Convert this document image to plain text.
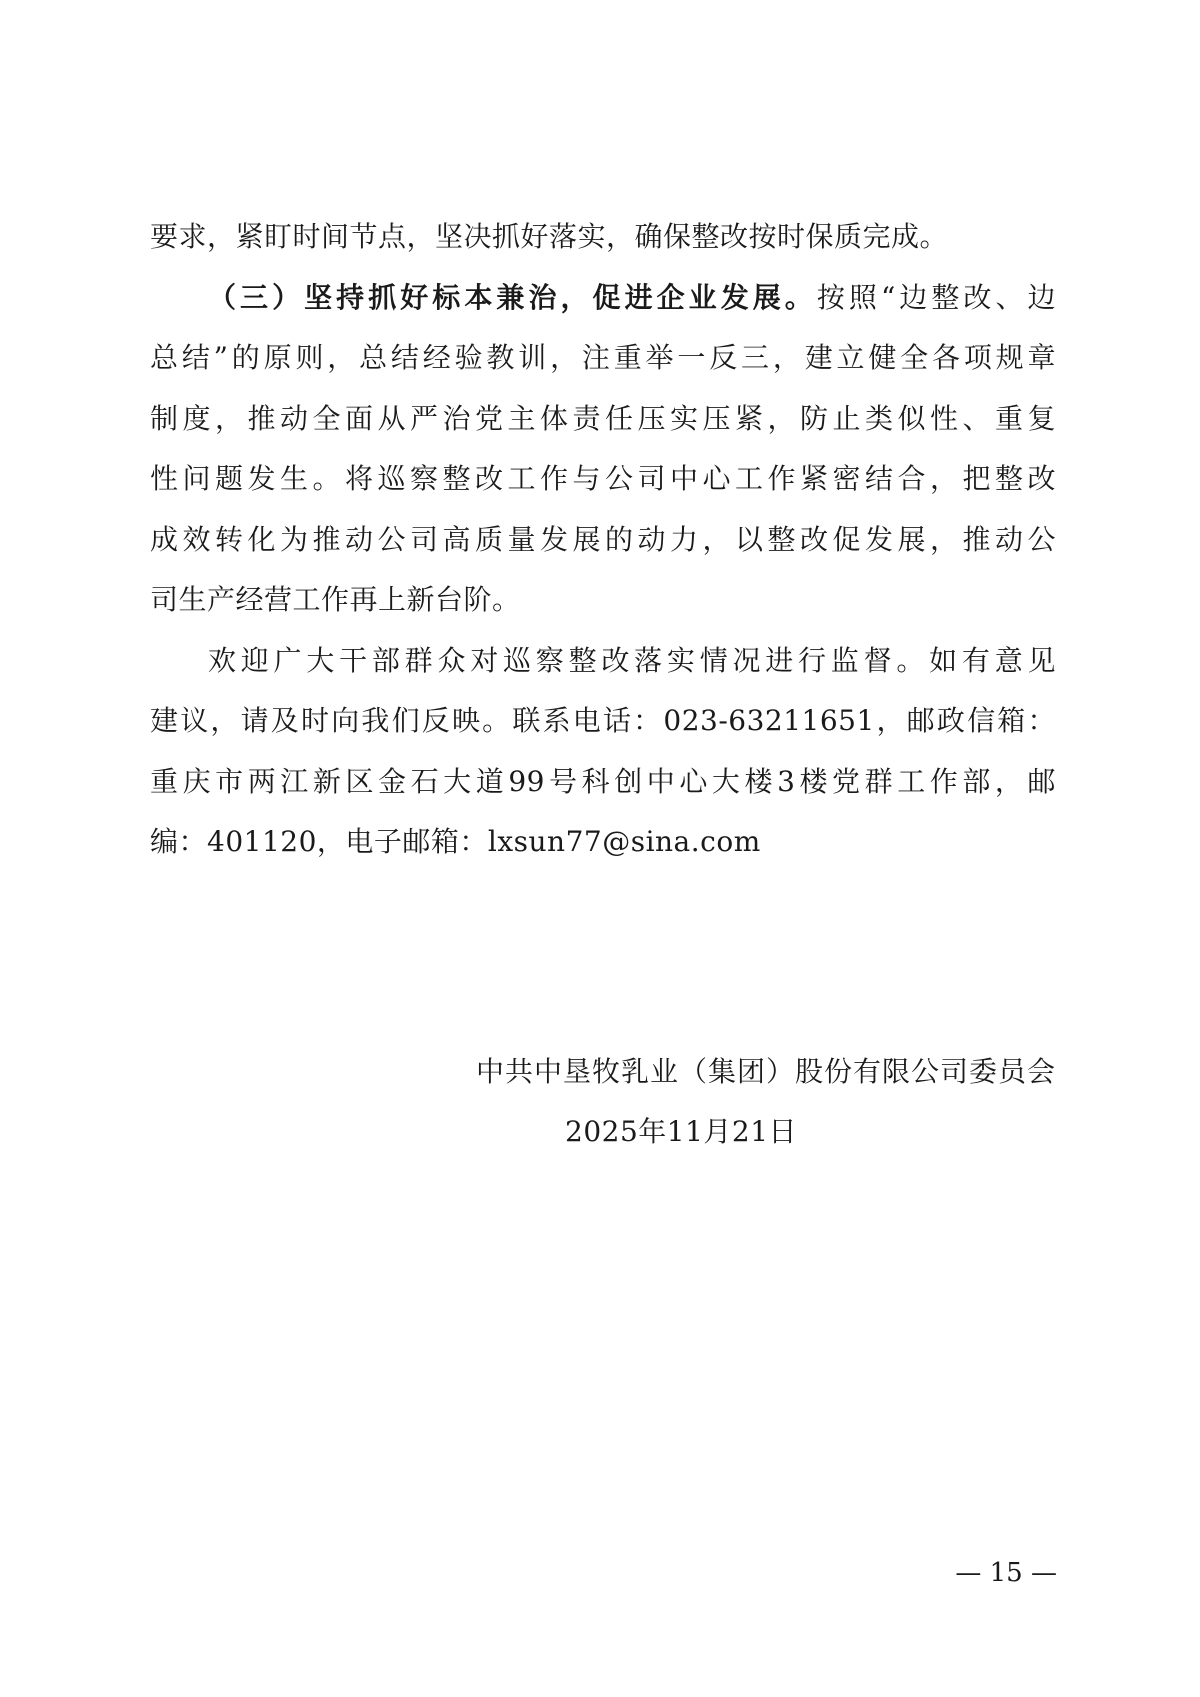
要求，紧盯时间节点，坚决抓好落实，确保整改按时保质完成。
（三）坚持抓好标本兼治，促进企业发展。按照“边整改、边
总结”的原则，总结经验教训，注重举一反三，建立健全各项规章
制度，推动全面从严治党主体责任压实压紧，防止类似性、重复
性问题发生。将巡察整改工作与公司中心工作紧密结合，把整改
成效转化为推动公司高质量发展的动力，以整改促发展，推动公
司生产经营工作再上新台阶。
欢迎广大干部群众对巡察整改落实情况进行监督。如有意见
建议，请及时向我们反映。联系电话：023-63211651，邮政信箱：
重庆市两江新区金石大道99号科创中心大楼3楼党群工作部，邮
编：401120，电子邮箱：lxsun77@sina.com
中共中垦牧乳业（集团）股份有限公司委员会
2025年11月21日
— 15 —
